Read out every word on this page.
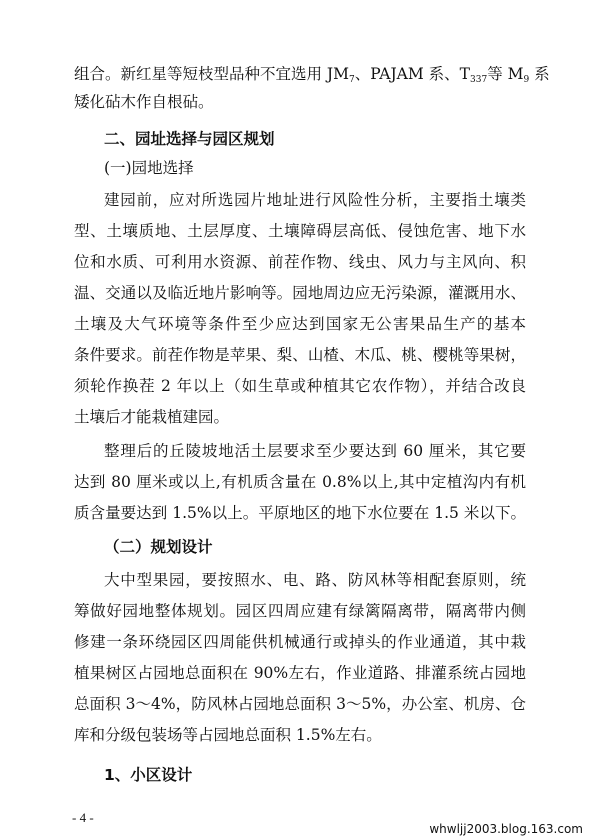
组合。新红星等短枝型品种不宜选用 $JM_7$、PAJAM 系、$T_{337}$等 $M_9$ 系
矮化砧木作自根砧。
二、园址选择与园区规划
(一)园地选择
建园前，应对所选园片地址进行风险性分析，主要指土壤类
型、土壤质地、土层厚度、土壤障碍层高低、侵蚀危害、地下水
位和水质、可利用水资源、前茬作物、线虫、风力与主风向、积
温、交通以及临近地片影响等。园地周边应无污染源，灌溉用水、
土壤及大气环境等条件至少应达到国家无公害果品生产的基本
条件要求。前茬作物是苹果、梨、山楂、木瓜、桃、樱桃等果树，
须轮作换茬 2 年以上（如生草或种植其它农作物），并结合改良
土壤后才能栽植建园。
整理后的丘陵坡地活土层要求至少要达到 60 厘米，其它要
达到 80 厘米或以上,有机质含量在 0.8%以上,其中定植沟内有机
质含量要达到 1.5%以上。平原地区的地下水位要在 1.5 米以下。
（二）规划设计
大中型果园，要按照水、电、路、防风林等相配套原则，统
筹做好园地整体规划。园区四周应建有绿篱隔离带，隔离带内侧
修建一条环绕园区四周能供机械通行或掉头的作业通道，其中栽
植果树区占园地总面积在 90%左右，作业道路、排灌系统占园地
总面积 3～4%，防风林占园地总面积 3～5%，办公室、机房、仓
库和分级包装场等占园地总面积 1.5%左右。
1、小区设计
- 4 -
whwljj2003.blog.163.com
